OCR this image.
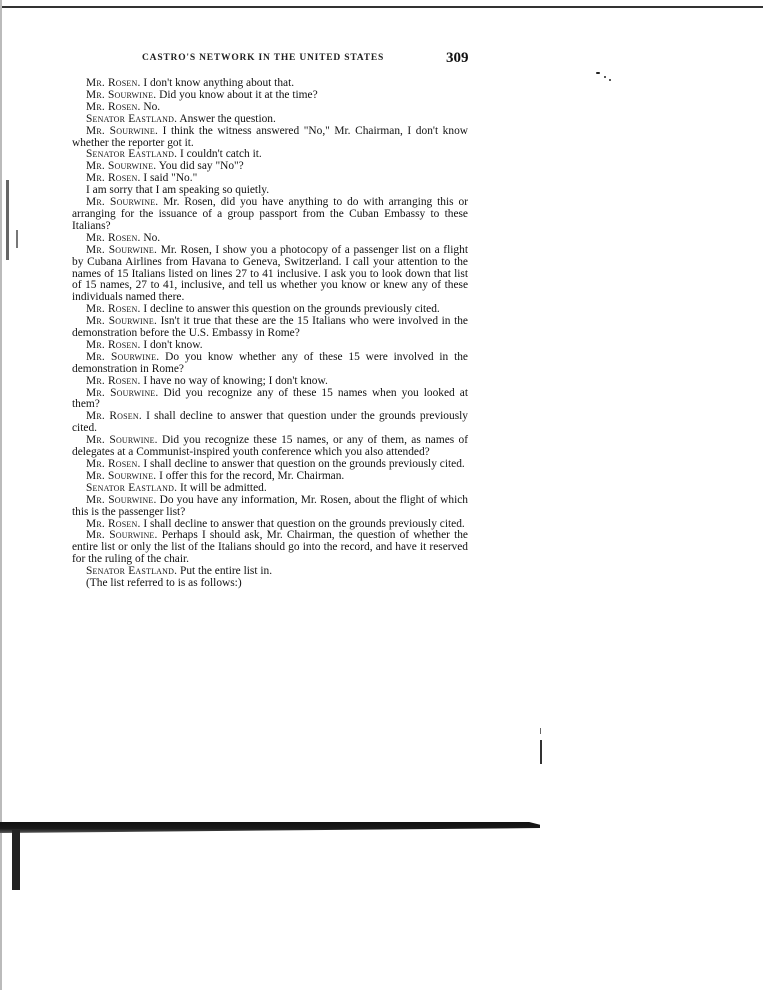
CASTRO'S NETWORK IN THE UNITED STATES	309

Mr. Rosen. I don't know anything about that.

Mr. Sourwine. Did you know about it at the time?

Mr. Rosen. No.

Senator Eastland. Answer the question.

Mr. Sourwine. I think the witness answered "No," Mr. Chairman, I don't know whether the reporter got it.

Senator Eastland. I couldn't catch it.

Mr. Sourwine. You did say "No"?

Mr. Rosen. I said "No."

I am sorry that I am speaking so quietly.

Mr. Sourwine. Mr. Rosen, did you have anything to do with arranging this or arranging for the issuance of a group passport from the Cuban Embassy to these Italians?

Mr. Rosen. No.

Mr. Sourwine. Mr. Rosen, I show you a photocopy of a passenger list on a flight by Cubana Airlines from Havana to Geneva, Switzerland. I call your attention to the names of 15 Italians listed on lines 27 to 41 inclusive. I ask you to look down that list of 15 names, 27 to 41, inclusive, and tell us whether you know or knew any of these individuals named there.

Mr. Rosen. I decline to answer this question on the grounds previously cited.

Mr. Sourwine. Isn't it true that these are the 15 Italians who were involved in the demonstration before the U.S. Embassy in Rome?

Mr. Rosen. I don't know.

Mr. Sourwine. Do you know whether any of these 15 were involved in the demonstration in Rome?

Mr. Rosen. I have no way of knowing; I don't know.

Mr. Sourwine. Did you recognize any of these 15 names when you looked at them?

Mr. Rosen. I shall decline to answer that question under the grounds previously cited.

Mr. Sourwine. Did you recognize these 15 names, or any of them, as names of delegates at a Communist-inspired youth conference which you also attended?

Mr. Rosen. I shall decline to answer that question on the grounds previously cited.

Mr. Sourwine. I offer this for the record, Mr. Chairman.

Senator Eastland. It will be admitted.

Mr. Sourwine. Do you have any information, Mr. Rosen, about the flight of which this is the passenger list?

Mr. Rosen. I shall decline to answer that question on the grounds previously cited.

Mr. Sourwine. Perhaps I should ask, Mr. Chairman, the question of whether the entire list or only the list of the Italians should go into the record, and have it reserved for the ruling of the chair.

Senator Eastland. Put the entire list in.

(The list referred to is as follows:)
